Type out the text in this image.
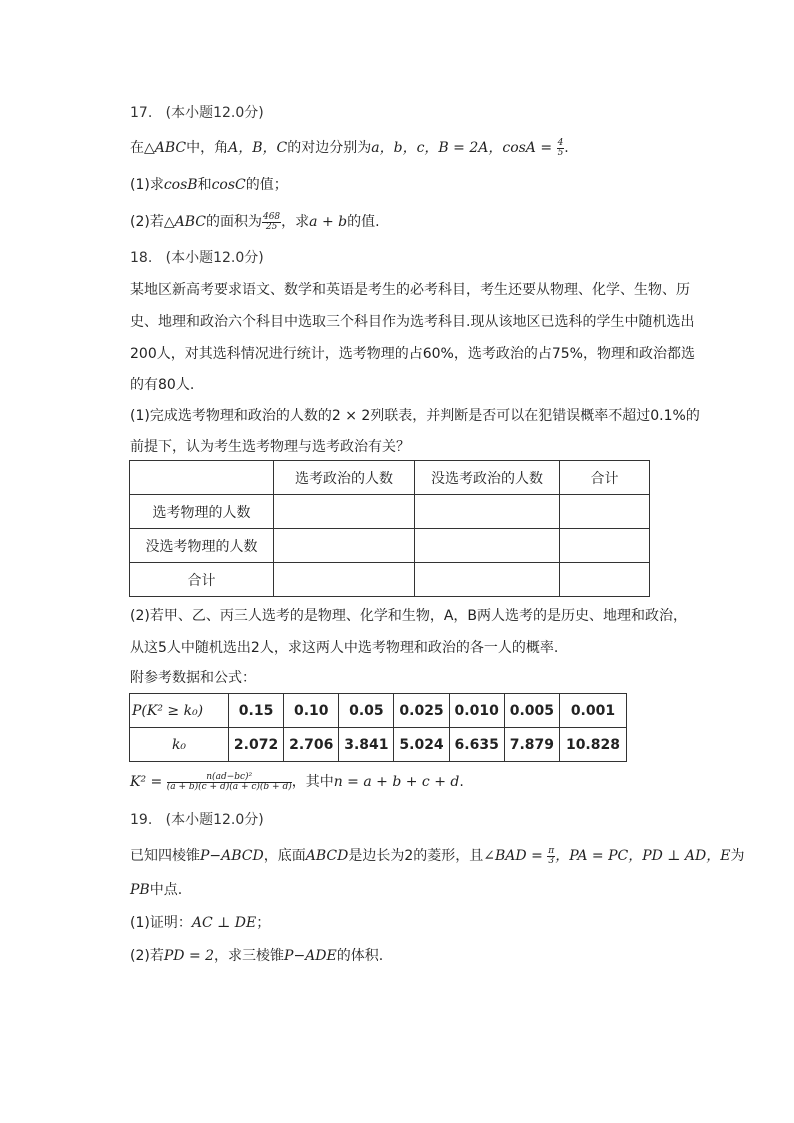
17. (本小题12.0分)
在△ABC中，角A，B，C的对边分别为a，b，c，B = 2A，$\cos A = \frac{4}{5}$ .
(1)求cosB和cosC的值；
(2)若△ABC的面积为 $\frac{468}{25}$ ，求a + b的值.
18. (本小题12.0分)
某地区新高考要求语文、数学和英语是考生的必考科目，考生还要从物理、化学、生物、历
史、地理和政治六个科目中选取三个科目作为选考科目.现从该地区已选科的学生中随机选出
200人，对其选科情况进行统计，选考物理的占60%，选考政治的占75%，物理和政治都选
的有80人.
(1)完成选考物理和政治的人数的2 × 2列联表，并判断是否可以在犯错误概率不超过0.1%的
前提下，认为考生选考物理与选考政治有关？
	选考政治的人数	没选考政治的人数	合计
选考物理的人数			
没选考物理的人数			
合计			
(2)若甲、乙、丙三人选考的是物理、化学和生物，A，B两人选考的是历史、地理和政治，
从这5人中随机选出2人，求这两人中选考物理和政治的各一人的概率.
附参考数据和公式：
P(K² ≥ k₀)	0.15	0.10	0.05	0.025	0.010	0.005	0.001
k₀	2.072	2.706	3.841	5.024	6.635	7.879	10.828
$K^2 = \frac{\text{n(ad−bc)²}}{(a + b)(c + d)(a + c)(b + d)}$ ，其中n = a + b + c + d.
19. (本小题12.0分)
已知四棱锥P−ABCD，底面ABCD是边长为2的菱形，且∠BAD = $\frac{\pi}{3}$ ，PA = PC，PD ⊥ AD，E为
PB中点.
(1)证明：AC ⊥ DE；
(2)若PD = 2，求三棱锥P−ADE的体积.
